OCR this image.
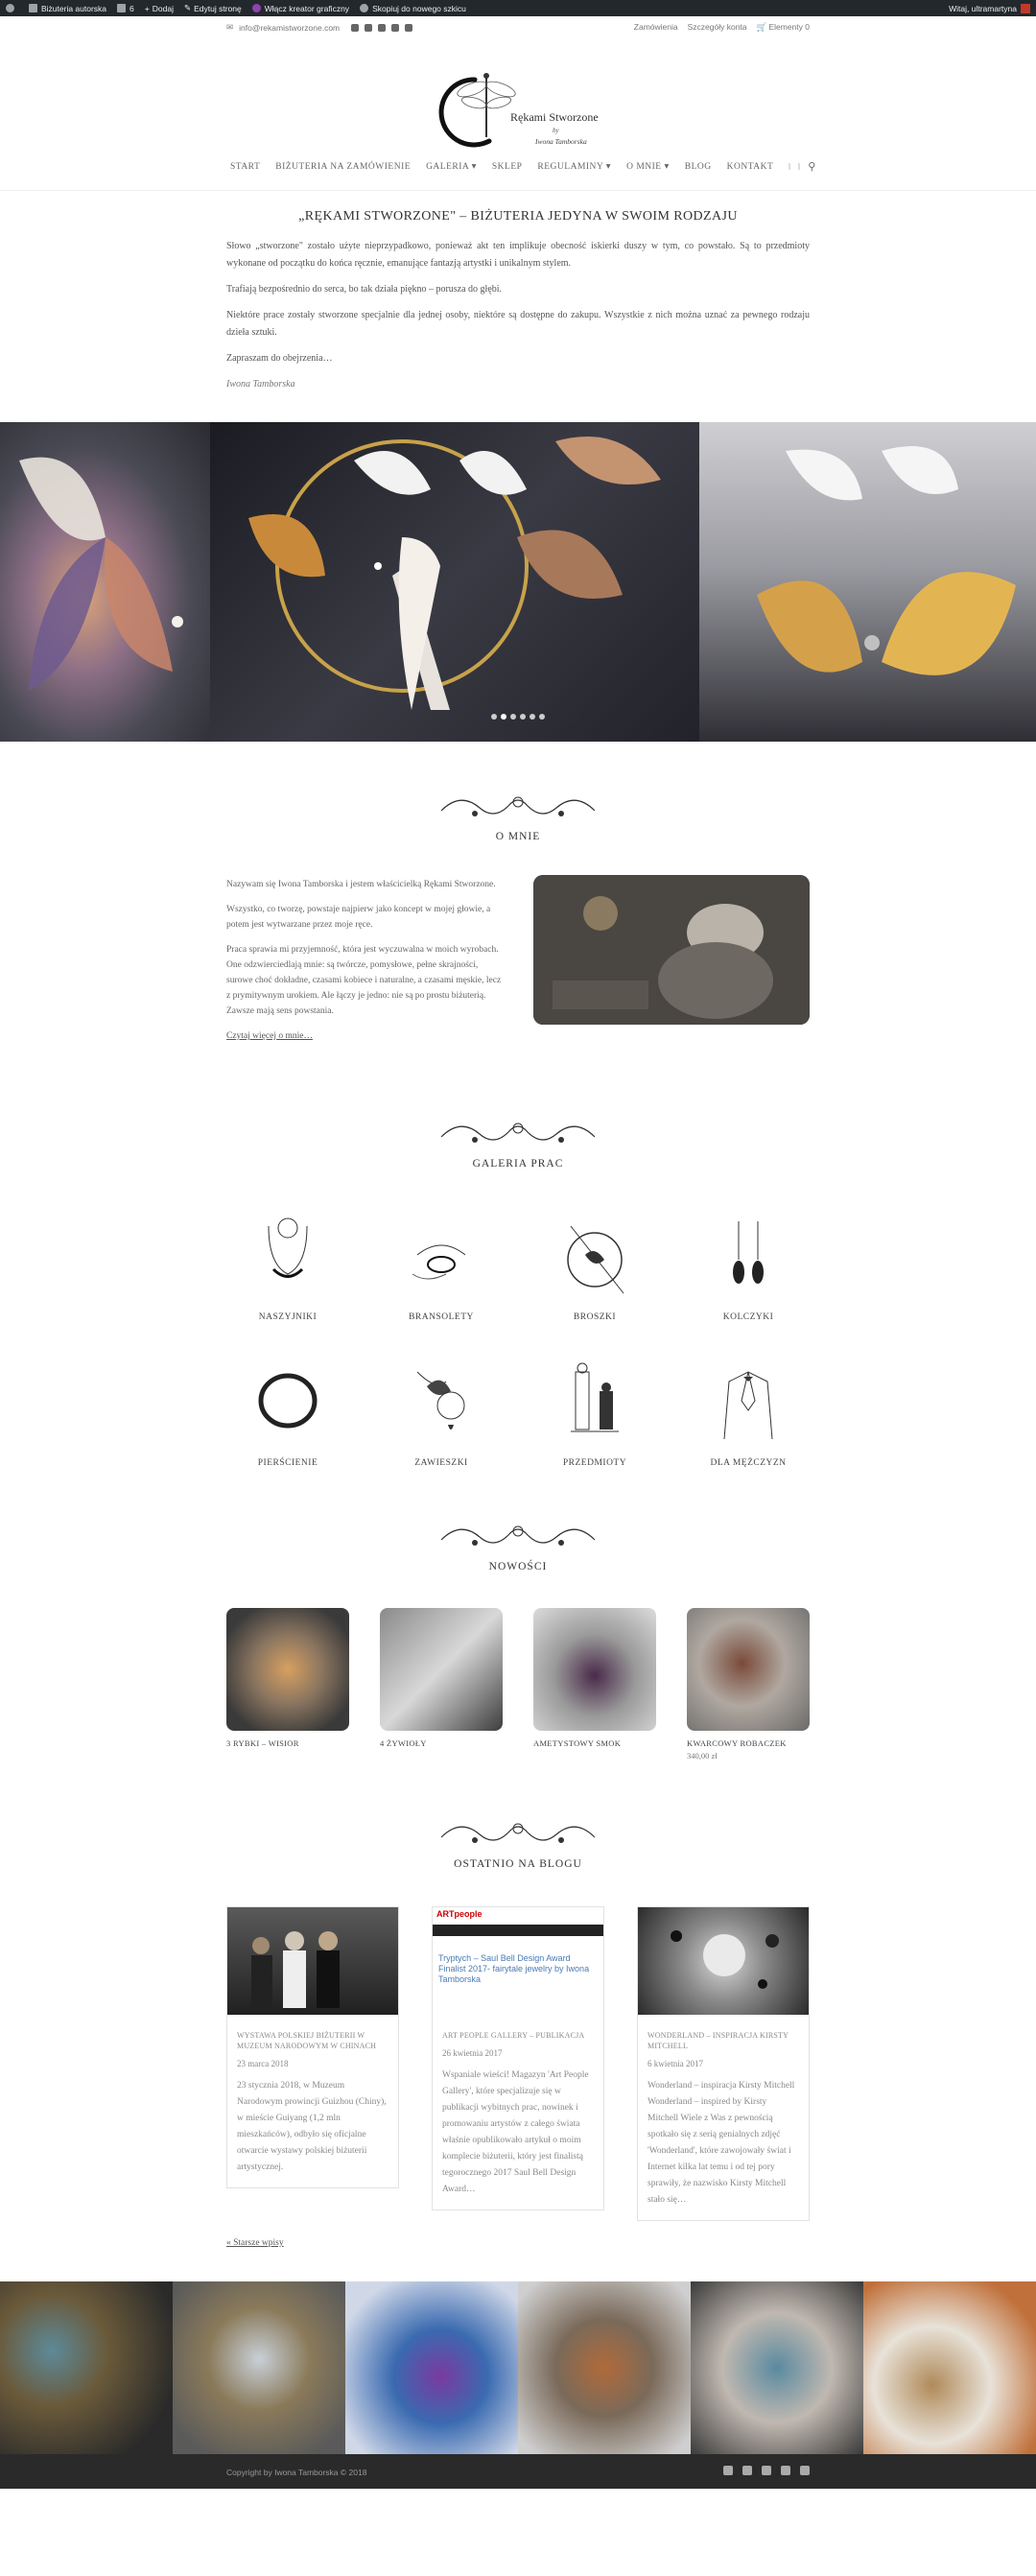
Biżuteria autorska	6 + Dodaj ✎ Edytuj stronę	Włącz kreator graficzny	Skopiuj do nowego szkicu	Witaj, ultramartyna
✉ info@rekamistworzone.com	Zamówienia Szczegóły konta 🛒 Elementy 0
Rękami Stworzone
by
Iwona Tamborska
START BIŻUTERIA NA ZAMÓWIENIE GALERIA ▾ SKLEP REGULAMINY ▾ O MNIE ▾ BLOG KONTAKT	⚲
„RĘKAMI STWORZONE" – BIŻUTERIA JEDYNA W SWOIM RODZAJU

Słowo „stworzone" zostało użyte nieprzypadkowo, ponieważ akt ten implikuje obecność iskierki duszy w tym, co powstało. Są to przedmioty wykonane od początku do końca ręcznie, emanujące fantazją artystki i unikalnym stylem.

Trafiają bezpośrednio do serca, bo tak działa piękno – porusza do głębi.

Niektóre prace zostały stworzone specjalnie dla jednej osoby, niektóre są dostępne do zakupu. Wszystkie z nich można uznać za pewnego rodzaju dzieła sztuki.

Zapraszam do obejrzenia…

Iwona Tamborska

O MNIE

Nazywam się Iwona Tamborska i jestem właścicielką Rękami Stworzone.

Wszystko, co tworzę, powstaje najpierw jako koncept w mojej głowie, a potem jest wytwarzane przez moje ręce.

Praca sprawia mi przyjemność, która jest wyczuwalna w moich wyrobach. One odzwierciedlają mnie: są twórcze, pomysłowe, pełne skrajności, surowe choć dokładne, czasami kobiece i naturalne, a czasami męskie, lecz z prymitywnym urokiem. Ale łączy je jedno: nie są po prostu biżuterią. Zawsze mają sens powstania.

Czytaj więcej o mnie…
GALERIA PRAC
NASZYJNIKI	BRANSOLETY	BROSZKI	KOLCZYKI
PIERŚCIENIE	ZAWIESZKI	PRZEDMIOTY	DLA MĘŻCZYZN
NOWOŚCI
3 RYBKI – WISIOR	4 ŻYWIOŁY	AMETYSTOWY SMOK	KWARCOWY ROBACZEK
340,00 zł
OSTATNIO NA BLOGU
WYSTAWA POLSKIEJ BIŻUTERII W MUZEUM NARODOWYM W CHINACH
23 marca 2018
23 stycznia 2018, w Muzeum Narodowym prowincji Guizhou (Chiny), w mieście Guiyang (1,2 mln mieszkańców), odbyło się oficjalne otwarcie wystawy polskiej biżuterii artystycznej.
ARTpeople
Tryptych – Saul Bell Design Award Finalist 2017- fairytale jewelry by Iwona Tamborska
ART PEOPLE GALLERY – PUBLIKACJA
26 kwietnia 2017
Wspaniale wieści! Magazyn 'Art People Gallery', które specjalizuje się w publikacji wybitnych prac, nowinek i promowaniu artystów z całego świata właśnie opublikowało artykuł o moim komplecie biżuterii, który jest finalistą tegorocznego 2017 Saul Bell Design Award…
WONDERLAND – INSPIRACJA KIRSTY MITCHELL
6 kwietnia 2017
Wonderland – inspiracja Kirsty Mitchell Wonderland – inspired by Kirsty Mitchell Wiele z Was z pewnością spotkało się z serią genialnych zdjęć 'Wonderland', które zawojowały świat i Internet kilka lat temu i od tej pory sprawiły, że nazwisko Kirsty Mitchell stało się…
« Starsze wpisy
Copyright by Iwona Tamborska © 2018
